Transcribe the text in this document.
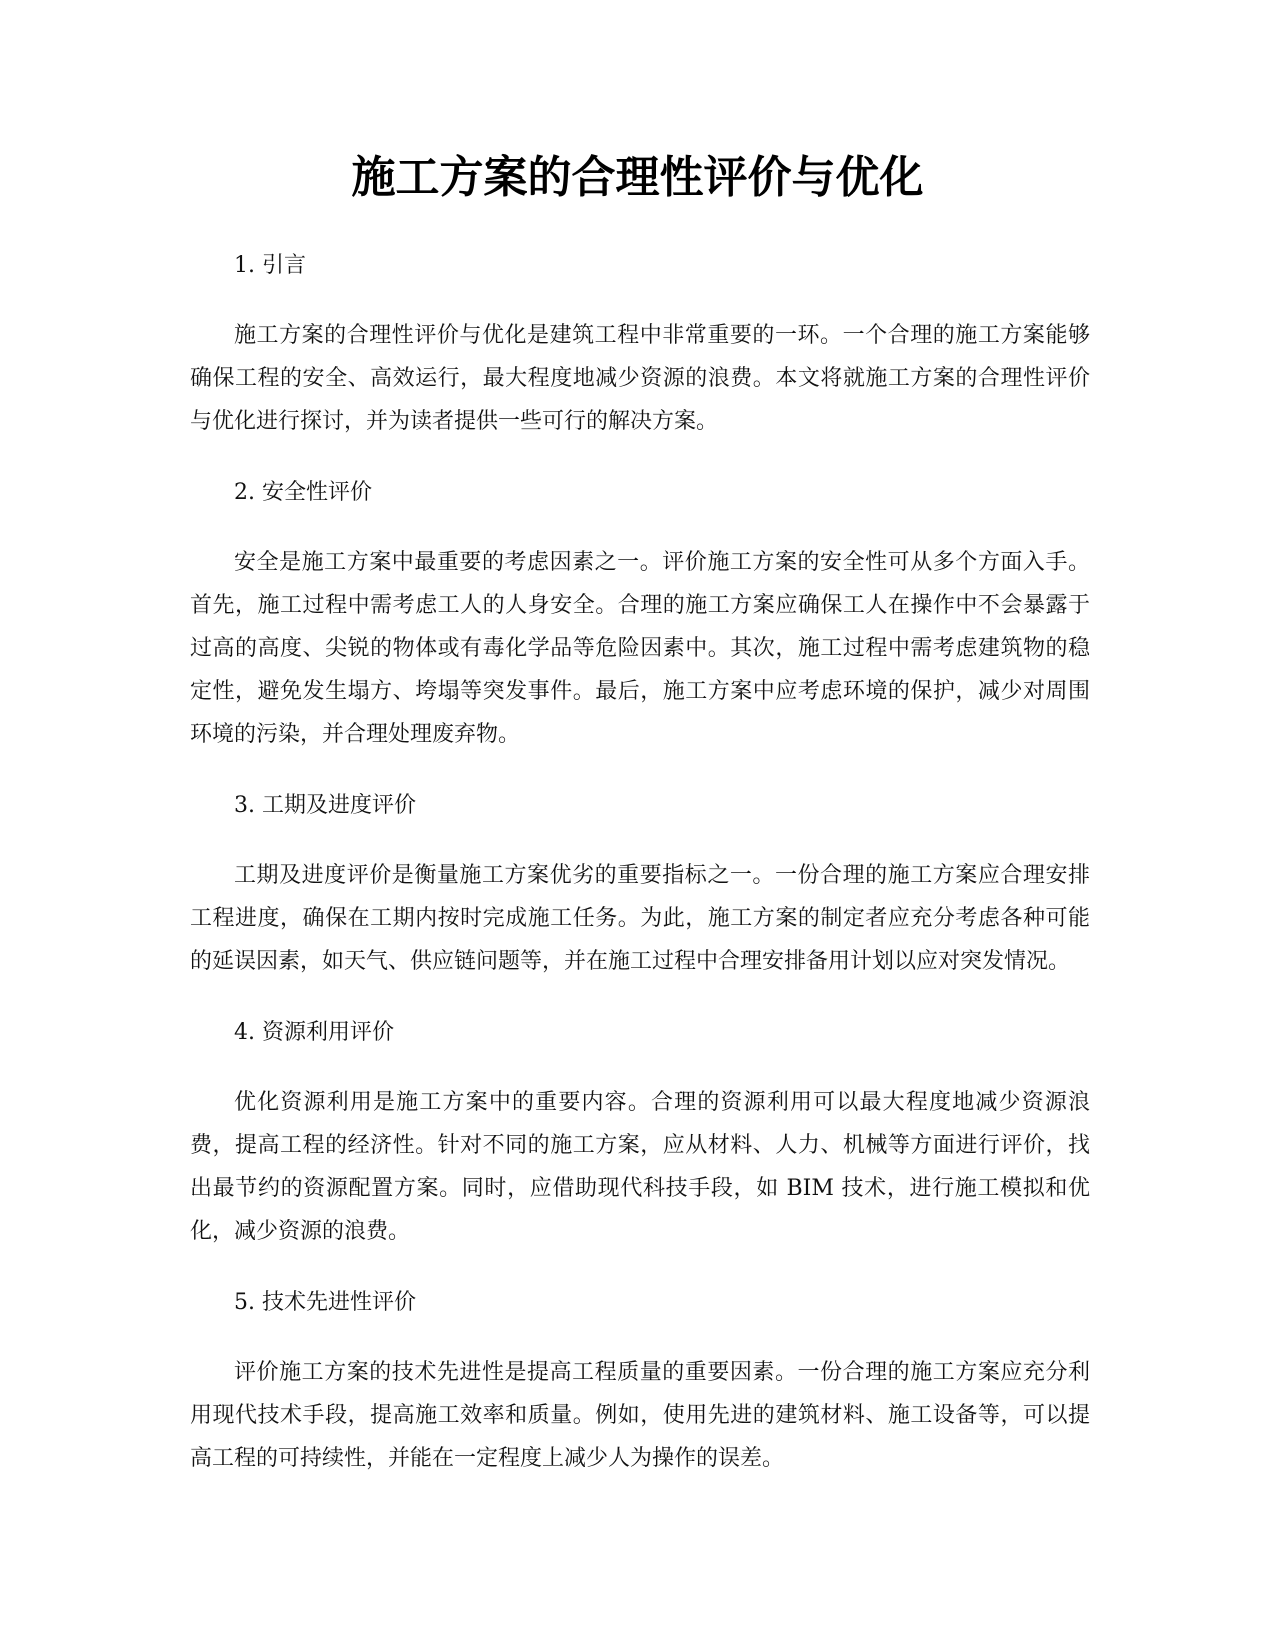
施工方案的合理性评价与优化

1. 引言

施工方案的合理性评价与优化是建筑工程中非常重要的一环。一个合理的施工方案能够确保工程的安全、高效运行，最大程度地减少资源的浪费。本文将就施工方案的合理性评价与优化进行探讨，并为读者提供一些可行的解决方案。

2. 安全性评价

安全是施工方案中最重要的考虑因素之一。评价施工方案的安全性可从多个方面入手。首先，施工过程中需考虑工人的人身安全。合理的施工方案应确保工人在操作中不会暴露于过高的高度、尖锐的物体或有毒化学品等危险因素中。其次，施工过程中需考虑建筑物的稳定性，避免发生塌方、垮塌等突发事件。最后，施工方案中应考虑环境的保护，减少对周围环境的污染，并合理处理废弃物。

3. 工期及进度评价

工期及进度评价是衡量施工方案优劣的重要指标之一。一份合理的施工方案应合理安排工程进度，确保在工期内按时完成施工任务。为此，施工方案的制定者应充分考虑各种可能的延误因素，如天气、供应链问题等，并在施工过程中合理安排备用计划以应对突发情况。

4. 资源利用评价

优化资源利用是施工方案中的重要内容。合理的资源利用可以最大程度地减少资源浪费，提高工程的经济性。针对不同的施工方案，应从材料、人力、机械等方面进行评价，找出最节约的资源配置方案。同时，应借助现代科技手段，如 BIM 技术，进行施工模拟和优化，减少资源的浪费。

5. 技术先进性评价

评价施工方案的技术先进性是提高工程质量的重要因素。一份合理的施工方案应充分利用现代技术手段，提高施工效率和质量。例如，使用先进的建筑材料、施工设备等，可以提高工程的可持续性，并能在一定程度上减少人为操作的误差。
